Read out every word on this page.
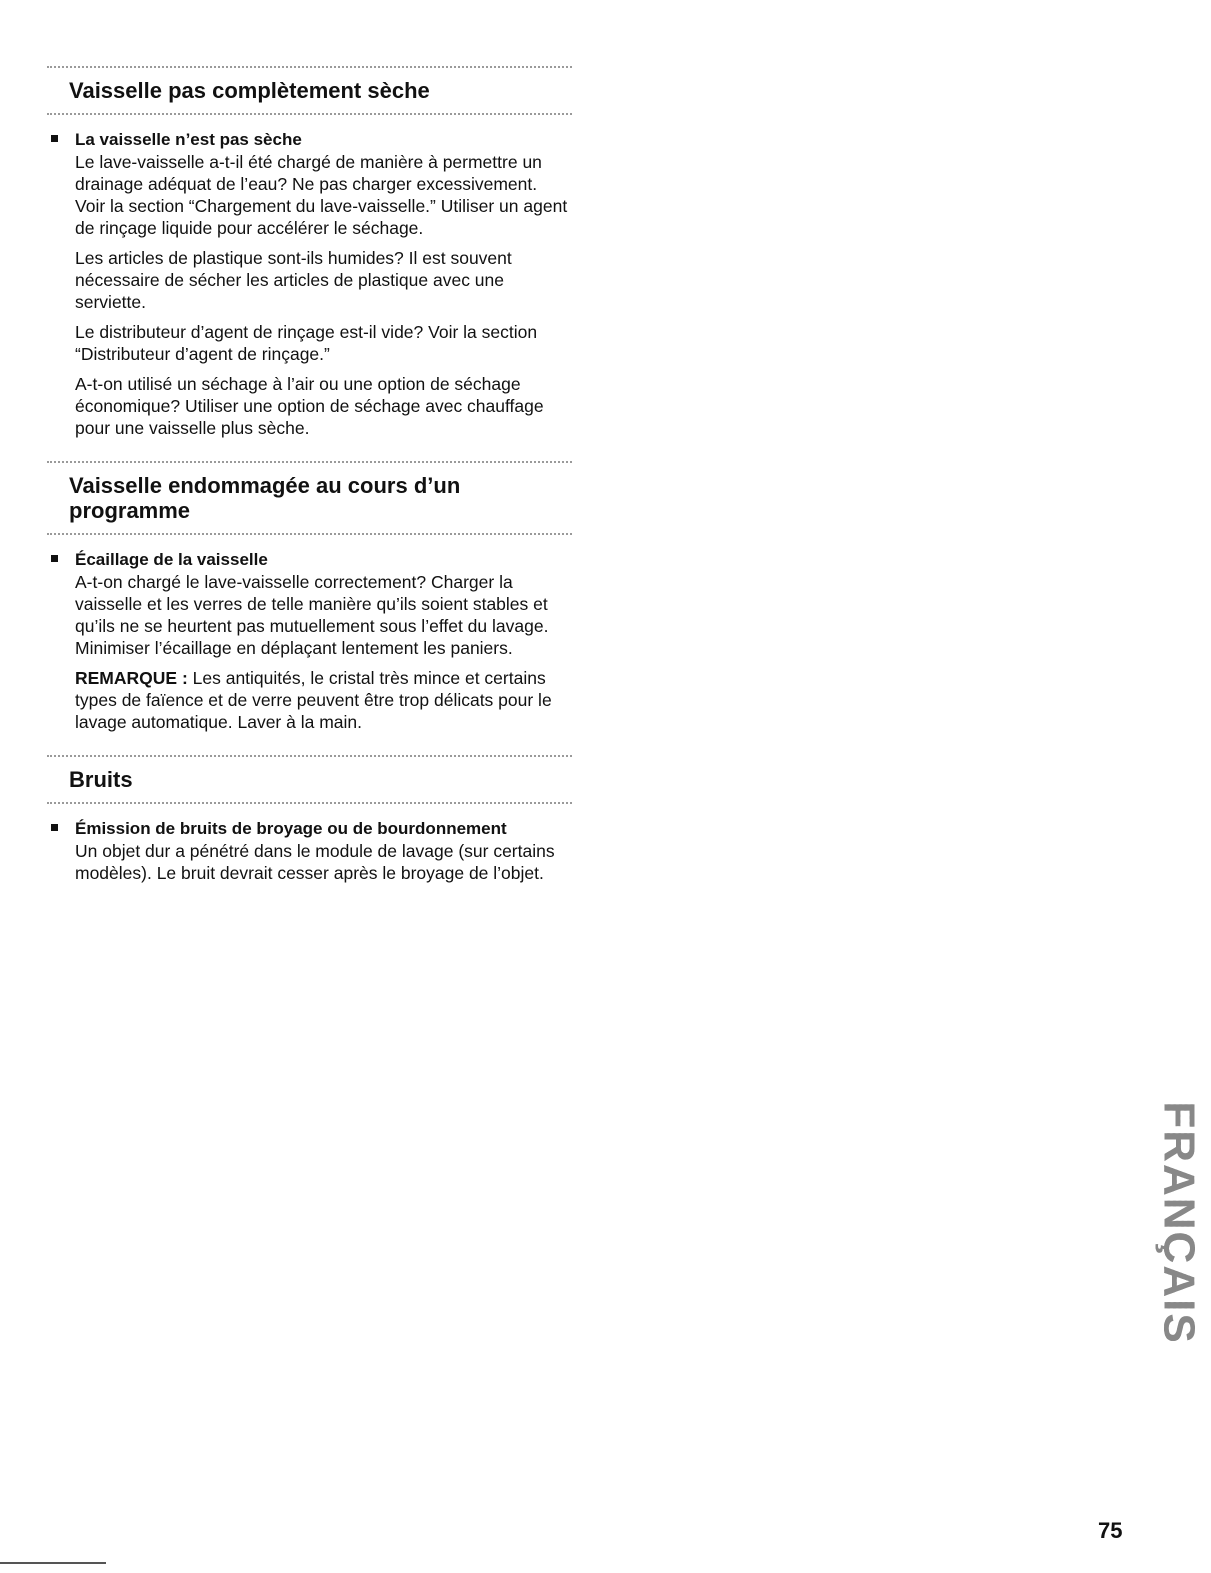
Vaisselle pas complètement sèche
La vaisselle n’est pas sèche

Le lave-vaisselle a-t-il été chargé de manière à permettre un drainage adéquat de l’eau? Ne pas charger excessivement. Voir la section “Chargement du lave-vaisselle.” Utiliser un agent de rinçage liquide pour accélérer le séchage.

Les articles de plastique sont-ils humides? Il est souvent nécessaire de sécher les articles de plastique avec une serviette.

Le distributeur d’agent de rinçage est-il vide? Voir la section “Distributeur d’agent de rinçage.”

A-t-on utilisé un séchage à l’air ou une option de séchage économique? Utiliser une option de séchage avec chauffage pour une vaisselle plus sèche.

Vaisselle endommagée au cours d’un programme
Écaillage de la vaisselle

A-t-on chargé le lave-vaisselle correctement? Charger la vaisselle et les verres de telle manière qu’ils soient stables et qu’ils ne se heurtent pas mutuellement sous l’effet du lavage. Minimiser l’écaillage en déplaçant lentement les paniers.

REMARQUE : Les antiquités, le cristal très mince et certains types de faïence et de verre peuvent être trop délicats pour le lavage automatique. Laver à la main.

Bruits
Émission de bruits de broyage ou de bourdonnement

Un objet dur a pénétré dans le module de lavage (sur certains modèles). Le bruit devrait cesser après le broyage de l’objet.

FRANÇAIS
75
